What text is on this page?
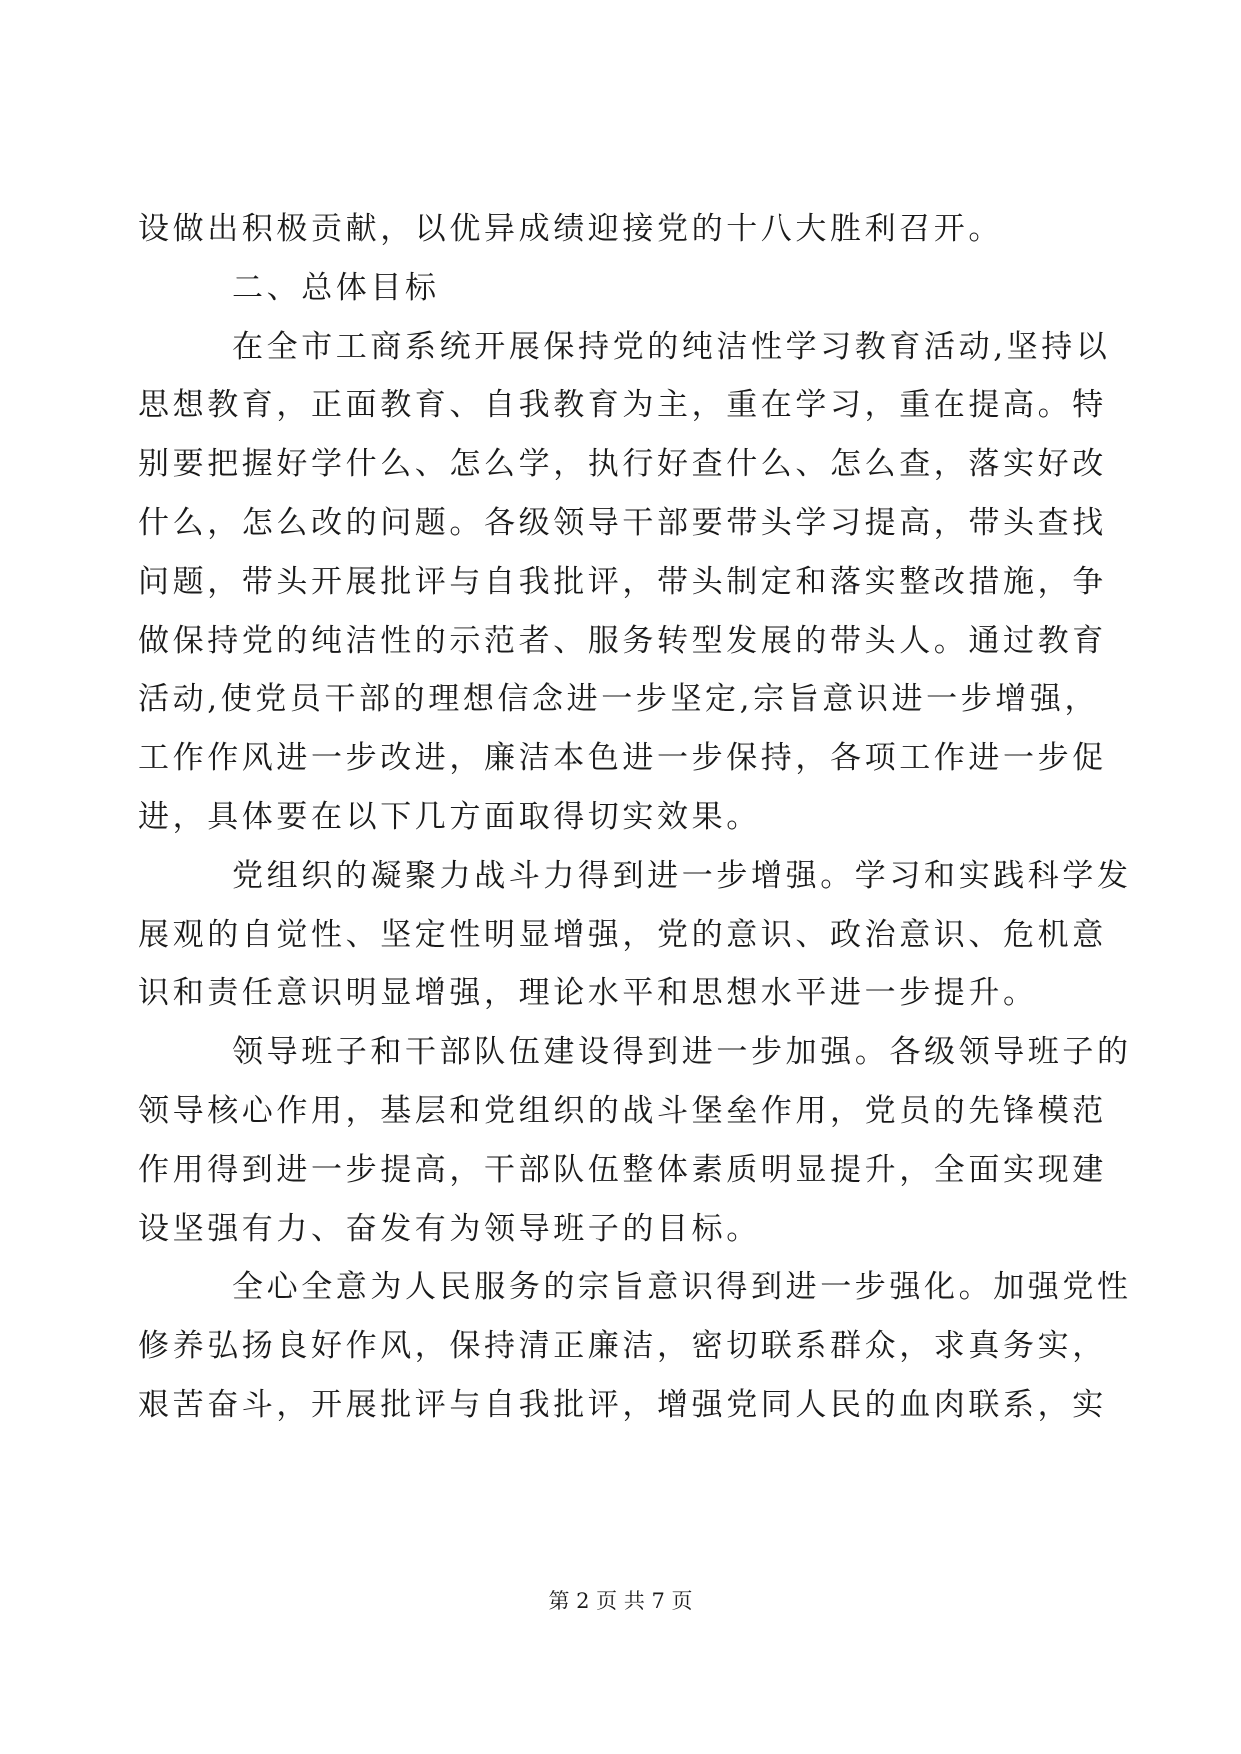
设做出积极贡献，以优异成绩迎接党的十八大胜利召开。
二、总体目标
在全市工商系统开展保持党的纯洁性学习教育活动,坚持以
思想教育，正面教育、自我教育为主，重在学习，重在提高。特
别要把握好学什么、怎么学，执行好查什么、怎么查，落实好改
什么，怎么改的问题。各级领导干部要带头学习提高，带头查找
问题，带头开展批评与自我批评，带头制定和落实整改措施，争
做保持党的纯洁性的示范者、服务转型发展的带头人。通过教育
活动,使党员干部的理想信念进一步坚定,宗旨意识进一步增强，
工作作风进一步改进，廉洁本色进一步保持，各项工作进一步促
进，具体要在以下几方面取得切实效果。
党组织的凝聚力战斗力得到进一步增强。学习和实践科学发
展观的自觉性、坚定性明显增强，党的意识、政治意识、危机意
识和责任意识明显增强，理论水平和思想水平进一步提升。
领导班子和干部队伍建设得到进一步加强。各级领导班子的
领导核心作用，基层和党组织的战斗堡垒作用，党员的先锋模范
作用得到进一步提高，干部队伍整体素质明显提升，全面实现建
设坚强有力、奋发有为领导班子的目标。
全心全意为人民服务的宗旨意识得到进一步强化。加强党性
修养弘扬良好作风，保持清正廉洁，密切联系群众，求真务实，
艰苦奋斗，开展批评与自我批评，增强党同人民的血肉联系，实
第 2 页 共 7 页
